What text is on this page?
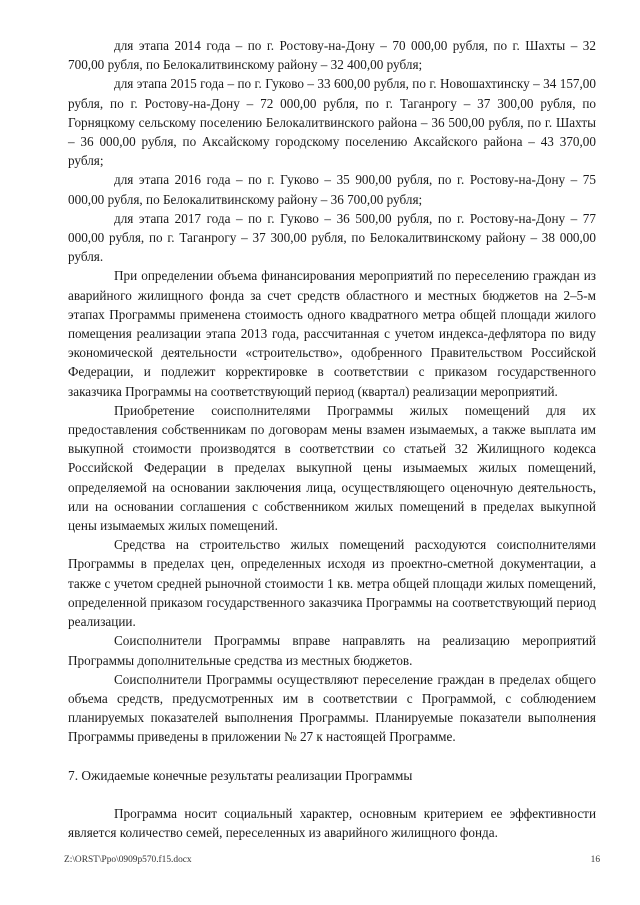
для этапа 2014 года – по г. Ростову-на-Дону – 70 000,00 рубля, по г. Шахты – 32 700,00 рубля, по Белокалитвинскому району – 32 400,00 рубля;

для этапа 2015 года – по г. Гуково – 33 600,00 рубля, по г. Новошахтинску – 34 157,00 рубля, по г. Ростову-на-Дону – 72 000,00 рубля, по г. Таганрогу – 37 300,00 рубля, по Горняцкому сельскому поселению Белокалитвинского района – 36 500,00 рубля, по г. Шахты – 36 000,00 рубля, по Аксайскому городскому поселению Аксайского района – 43 370,00 рубля;

для этапа 2016 года – по г. Гуково – 35 900,00 рубля, по г. Ростову-на-Дону – 75 000,00 рубля, по Белокалитвинскому району – 36 700,00 рубля;

для этапа 2017 года – по г. Гуково – 36 500,00 рубля, по г. Ростову-на-Дону – 77 000,00 рубля, по г. Таганрогу – 37 300,00 рубля, по Белокалитвинскому району – 38 000,00 рубля.

При определении объема финансирования мероприятий по переселению граждан из аварийного жилищного фонда за счет средств областного и местных бюджетов на 2–5-м этапах Программы применена стоимость одного квадратного метра общей площади жилого помещения реализации этапа 2013 года, рассчитанная с учетом индекса-дефлятора по виду экономической деятельности «строительство», одобренного Правительством Российской Федерации, и подлежит корректировке в соответствии с приказом государственного заказчика Программы на соответствующий период (квартал) реализации мероприятий.

Приобретение соисполнителями Программы жилых помещений для их предоставления собственникам по договорам мены взамен изымаемых, а также выплата им выкупной стоимости производятся в соответствии со статьей 32 Жилищного кодекса Российской Федерации в пределах выкупной цены изымаемых жилых помещений, определяемой на основании заключения лица, осуществляющего оценочную деятельность, или на основании соглашения с собственником жилых помещений в пределах выкупной цены изымаемых жилых помещений.

Средства на строительство жилых помещений расходуются соисполнителями Программы в пределах цен, определенных исходя из проектно-сметной документации, а также с учетом средней рыночной стоимости 1 кв. метра общей площади жилых помещений, определенной приказом государственного заказчика Программы на соответствующий период реализации.

Соисполнители Программы вправе направлять на реализацию мероприятий Программы дополнительные средства из местных бюджетов.

Соисполнители Программы осуществляют переселение граждан в пределах общего объема средств, предусмотренных им в соответствии с Программой, с соблюдением планируемых показателей выполнения Программы. Планируемые показатели выполнения Программы приведены в приложении № 27 к настоящей Программе.

7. Ожидаемые конечные результаты реализации Программы

Программа носит социальный характер, основным критерием ее эффективности является количество семей, переселенных из аварийного жилищного фонда.

Z:\ORST\Ppo\0909p570.f15.docx	16
